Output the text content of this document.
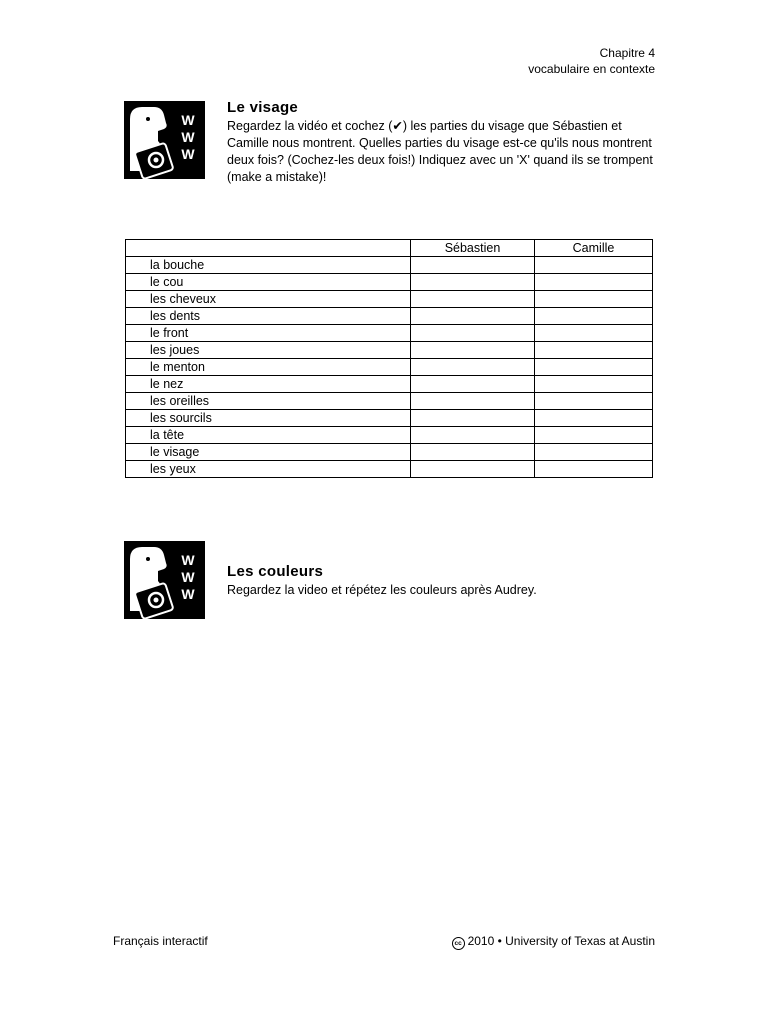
Chapitre 4
vocabulaire en contexte
W
W
W
Le visage
Regardez la vidéo et cochez (✔) les parties du visage que Sébastien et Camille nous montrent. Quelles parties du visage est-ce qu'ils nous montrent deux fois? (Cochez-les deux fois!) Indiquez avec un 'X' quand ils se trompent (make a mistake)!
	Sébastien	Camille
la bouche		
le cou		
les cheveux		
les dents		
le front		
les joues		
le menton		
le nez		
les oreilles		
les sourcils		
la tête		
le visage		
les yeux		
W
W
W
Les couleurs
Regardez la video et répétez les couleurs après Audrey.
Français interactif	cc 2010 • University of Texas at Austin
